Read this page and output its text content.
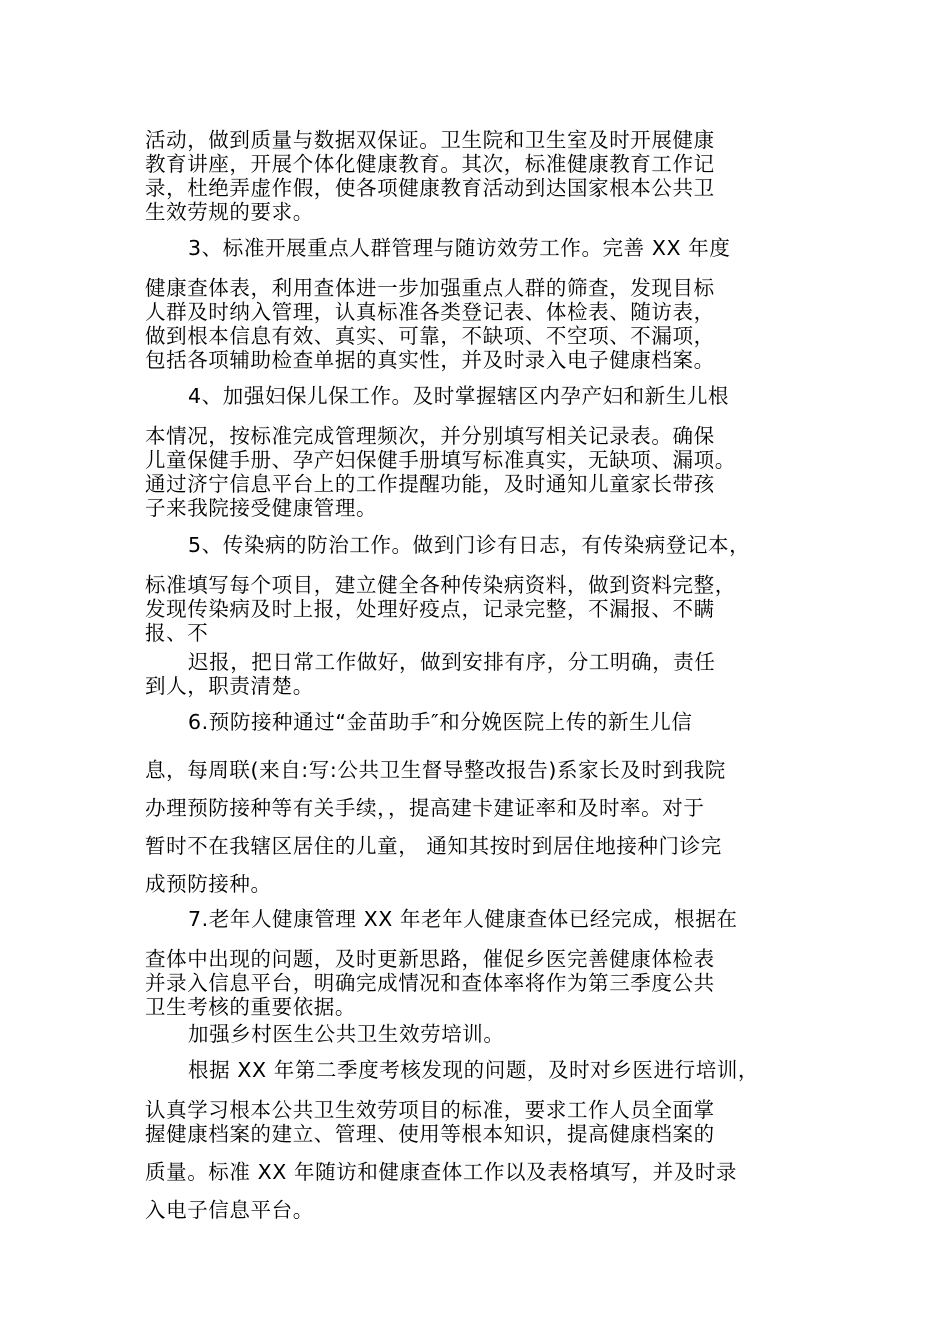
活动，做到质量与数据双保证。卫生院和卫生室及时开展健康
教育讲座，开展个体化健康教育。其次，标准健康教育工作记
录，杜绝弄虚作假，使各项健康教育活动到达国家根本公共卫
生效劳规的要求。
3、标准开展重点人群管理与随访效劳工作。完善 XX 年度
健康查体表，利用查体进一步加强重点人群的筛查，发现目标
人群及时纳入管理，认真标准各类登记表、体检表、随访表，
做到根本信息有效、真实、可靠，不缺项、不空项、不漏项，
包括各项辅助检查单据的真实性，并及时录入电子健康档案。
4、加强妇保儿保工作。及时掌握辖区内孕产妇和新生儿根
本情况，按标准完成管理频次，并分别填写相关记录表。确保
儿童保健手册、孕产妇保健手册填写标准真实，无缺项、漏项。
通过济宁信息平台上的工作提醒功能，及时通知儿童家长带孩
子来我院接受健康管理。
5、传染病的防治工作。做到门诊有日志，有传染病登记本，
标准填写每个项目，建立健全各种传染病资料，做到资料完整，
发现传染病及时上报，处理好疫点，记录完整，不漏报、不瞒
报、不
迟报，把日常工作做好，做到安排有序，分工明确，责任
到人，职责清楚。
6.预防接种通过“金苗助手″和分娩医院上传的新生儿信
息，每周联(来自:写:公共卫生督导整改报告)系家长及时到我院
办理预防接种等有关手续，，提高建卡建证率和及时率。对于
暂时不在我辖区居住的儿童， 通知其按时到居住地接种门诊完
成预防接种。
7.老年人健康管理 XX 年老年人健康查体已经完成，根据在
查体中出现的问题，及时更新思路，催促乡医完善健康体检表
并录入信息平台，明确完成情况和查体率将作为第三季度公共
卫生考核的重要依据。
加强乡村医生公共卫生效劳培训。
根据 XX 年第二季度考核发现的问题，及时对乡医进行培训，
认真学习根本公共卫生效劳项目的标准，要求工作人员全面掌
握健康档案的建立、管理、使用等根本知识，提高健康档案的
质量。标准 XX 年随访和健康查体工作以及表格填写，并及时录
入电子信息平台。
